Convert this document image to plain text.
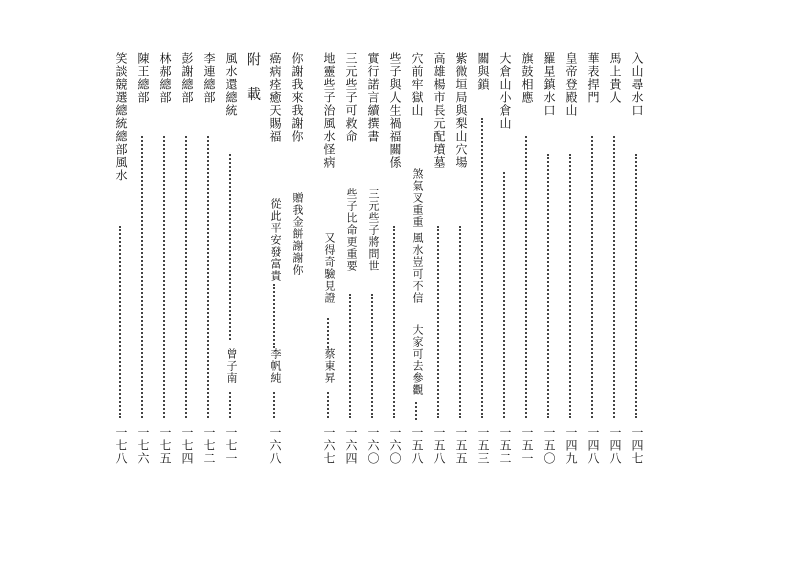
入山尋水口
一四七
馬上貴人
一四八
華表捍門
一四八
皇帝登殿山
一四九
羅星鎮水口
一五〇
旗鼓相應
一五一
大倉山小倉山
一五二
關與鎖
一五三
紫微垣局與梨山穴場
一五五
高雄楊市長元配墳墓
一五八
穴前牢獄山
煞氣叉重重
風水豈可不信
大家可去參觀
一五八
些子與人生禍福關係
一六〇
實行諾言續撰書
三元些子將問世
一六〇
三元些子可救命
些子比命更重要
一六四
地靈些子治風水怪病
又得奇驗見證
蔡東昇
一六七
你謝我來我謝你
贈我金餅謝謝你
癌病痊癒天賜福
從此平安發富貴
李帆純
一六八
附 載
風水還總統
曾子南
一七一
李連總部
一七二
彭謝總部
一七四
林郝總部
一七五
陳王總部
一七六
笑談競選總統總部風水
一七八
